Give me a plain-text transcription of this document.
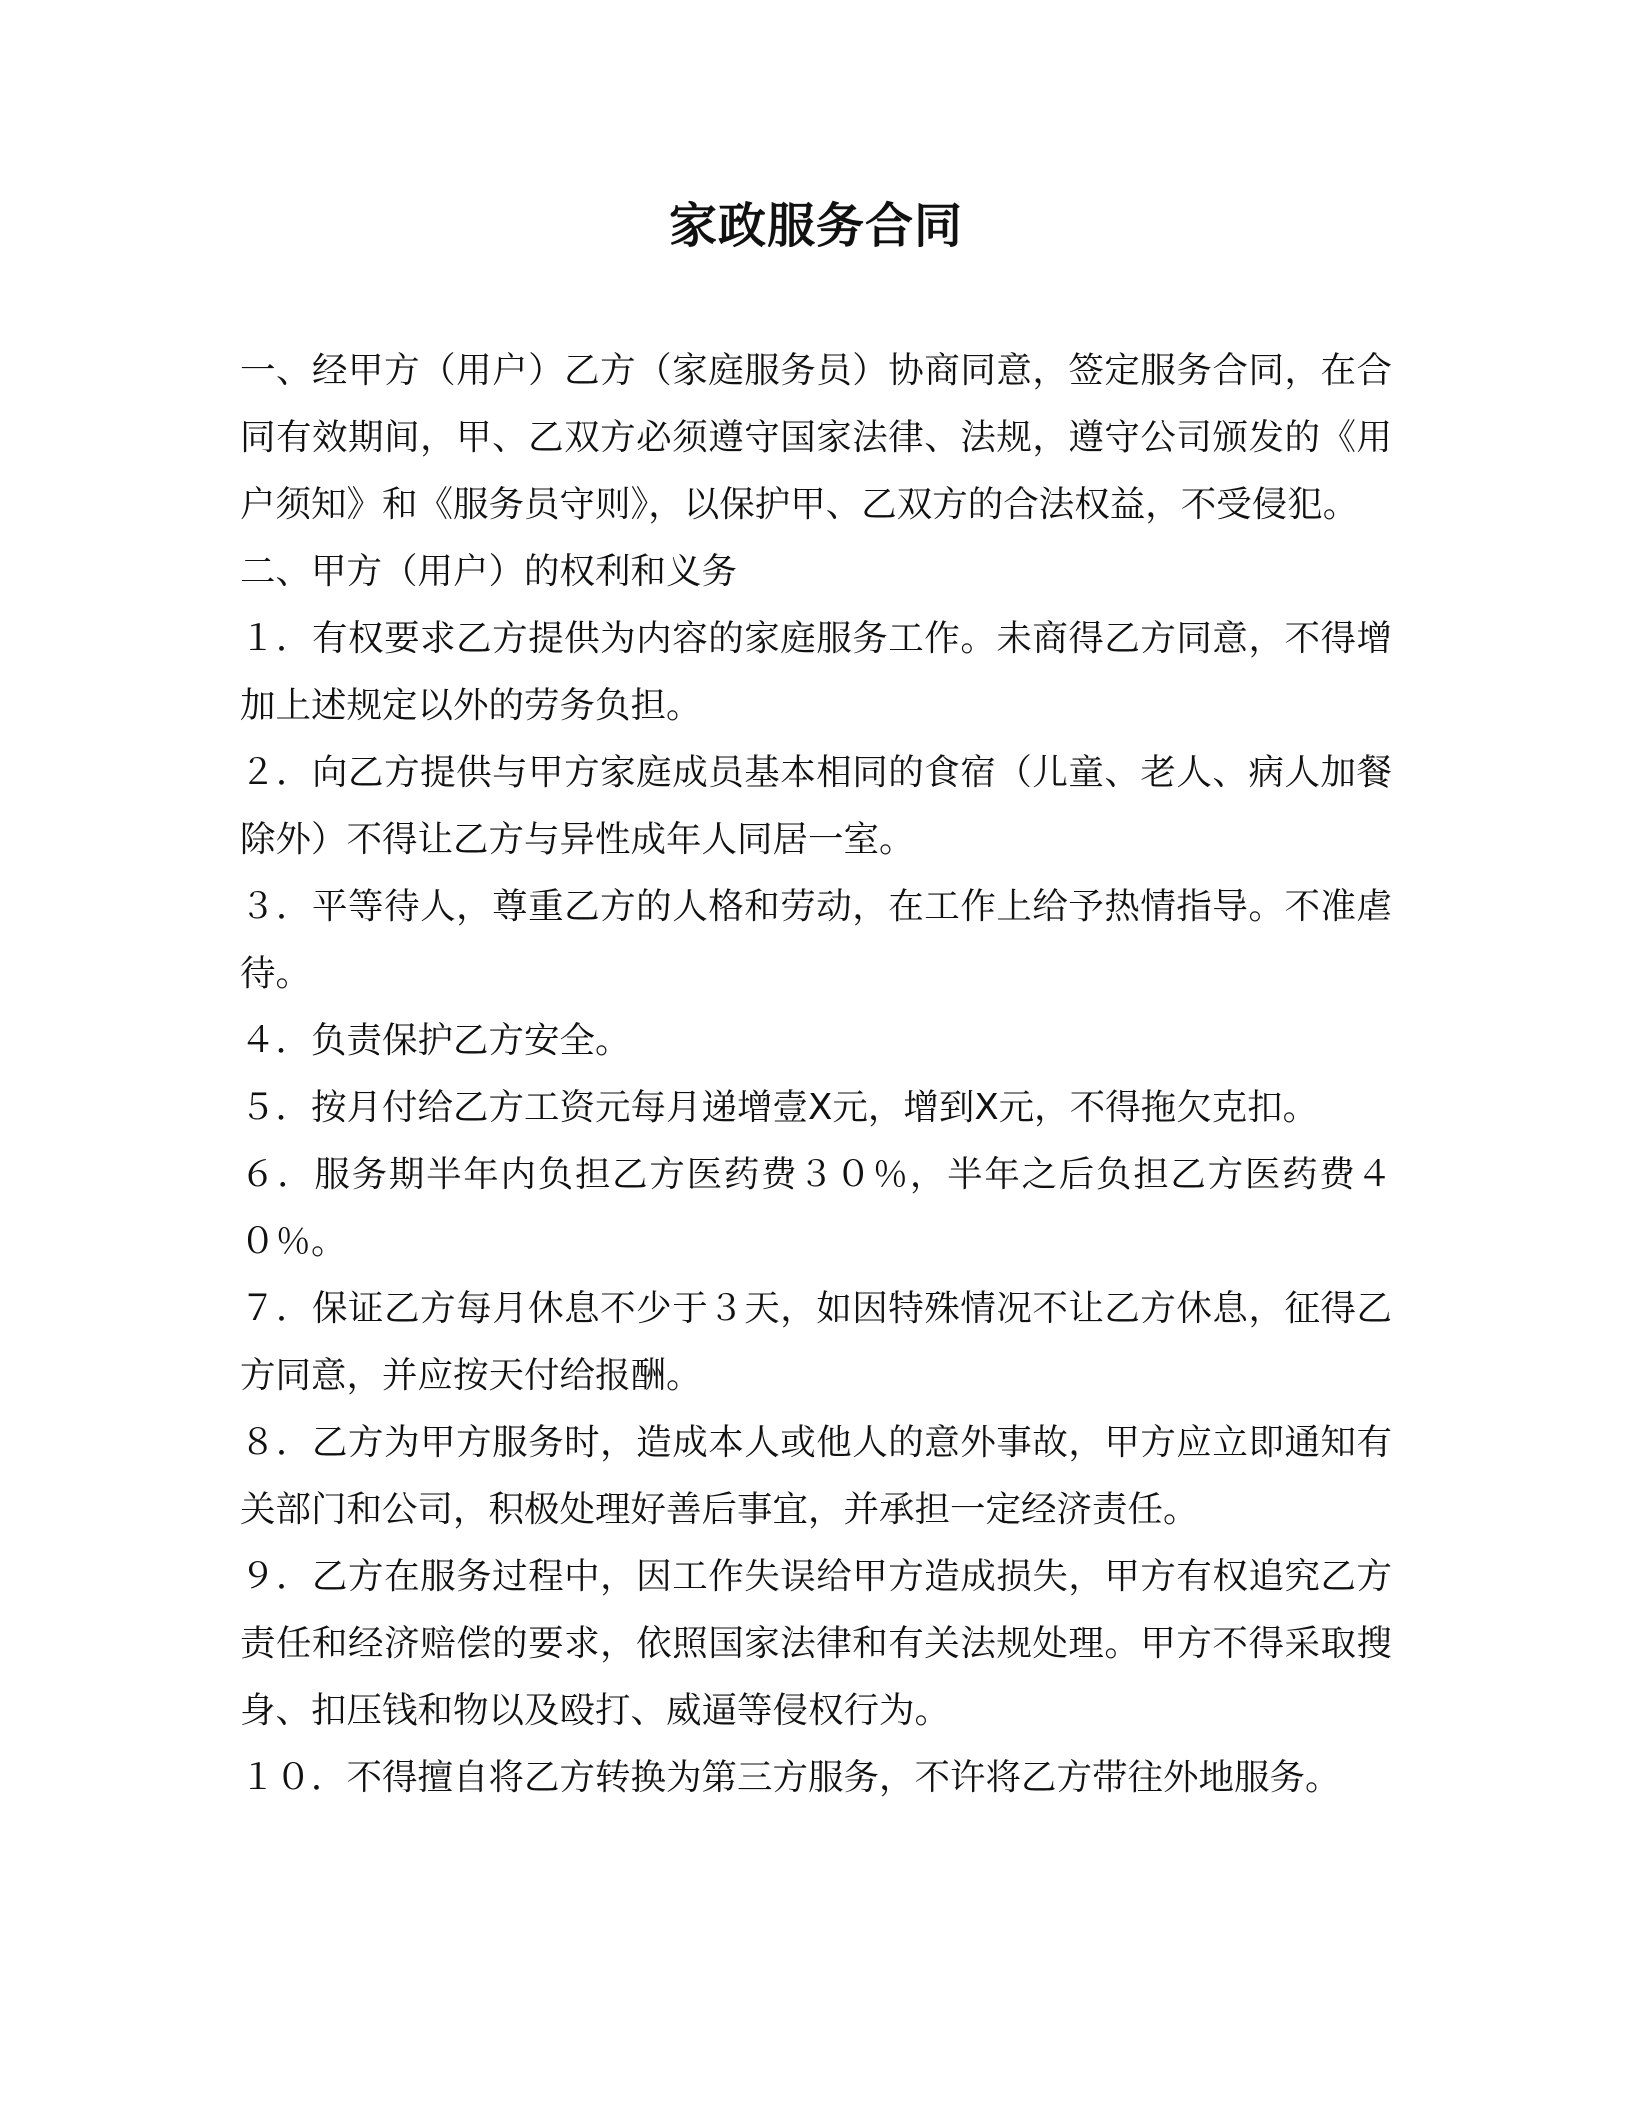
家政服务合同

一、经甲方（用户）乙方（家庭服务员）协商同意，签定服务合同，在合同有效期间，甲、乙双方必须遵守国家法律、法规，遵守公司颁发的《用户须知》和《服务员守则》，以保护甲、乙双方的合法权益，不受侵犯。

二、甲方（用户）的权利和义务

１．有权要求乙方提供为内容的家庭服务工作。未商得乙方同意，不得增加上述规定以外的劳务负担。

２．向乙方提供与甲方家庭成员基本相同的食宿（儿童、老人、病人加餐除外）不得让乙方与异性成年人同居一室。

３．平等待人，尊重乙方的人格和劳动，在工作上给予热情指导。不准虐待。

４．负责保护乙方安全。

５．按月付给乙方工资元每月递增壹X元，增到X元，不得拖欠克扣。

６．服务期半年内负担乙方医药费３０％，半年之后负担乙方医药费４０％。

７．保证乙方每月休息不少于３天，如因特殊情况不让乙方休息，征得乙方同意，并应按天付给报酬。

８．乙方为甲方服务时，造成本人或他人的意外事故，甲方应立即通知有关部门和公司，积极处理好善后事宜，并承担一定经济责任。

９．乙方在服务过程中，因工作失误给甲方造成损失，甲方有权追究乙方责任和经济赔偿的要求，依照国家法律和有关法规处理。甲方不得采取搜身、扣压钱和物以及殴打、威逼等侵权行为。

１０．不得擅自将乙方转换为第三方服务，不许将乙方带往外地服务。
